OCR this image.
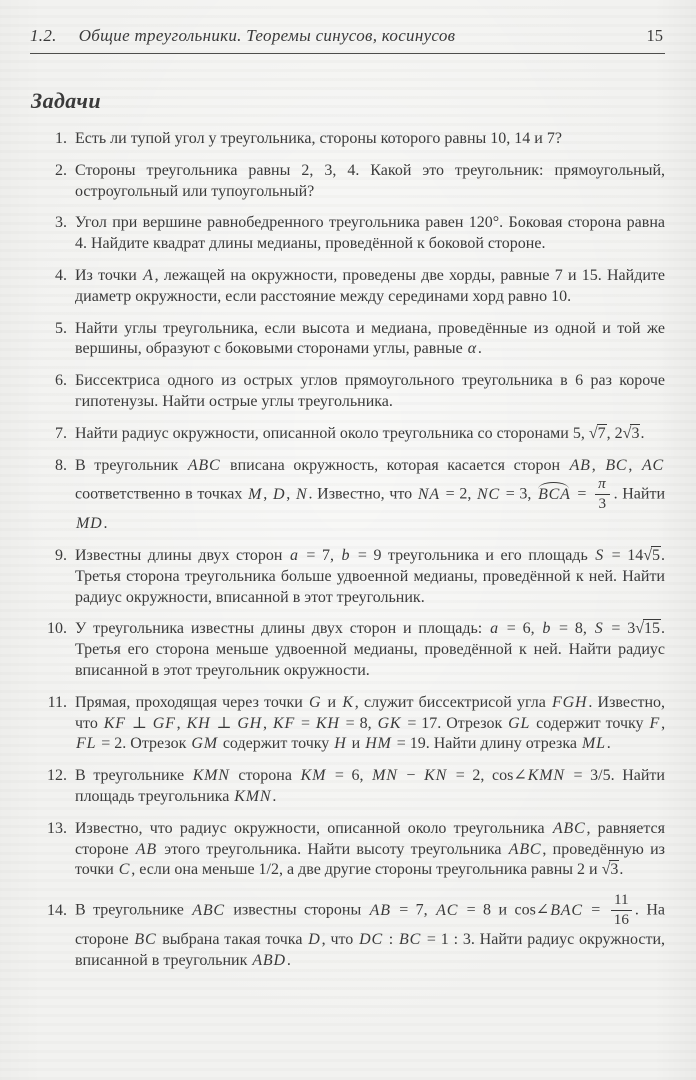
1.2. Общие треугольники. Теоремы синусов, косинусов	15
Задачи
1. Есть ли тупой угол у треугольника, стороны которого равны 10, 14 и 7?
2. Стороны треугольника равны 2, 3, 4. Какой это треугольник: прямоугольный, остроугольный или тупоугольный?
3. Угол при вершине равнобедренного треугольника равен 120°. Боковая сторона равна 4. Найдите квадрат длины медианы, проведённой к боковой стороне.
4. Из точки A, лежащей на окружности, проведены две хорды, равные 7 и 15. Найдите диаметр окружности, если расстояние между серединами хорд равно 10.
5. Найти углы треугольника, если высота и медиана, проведённые из одной и той же вершины, образуют с боковыми сторонами углы, равные α.
6. Биссектриса одного из острых углов прямоугольного треугольника в 6 раз короче гипотенузы. Найти острые углы треугольника.
7. Найти радиус окружности, описанной около треугольника со сторонами 5, √7, 2√3.
8. В треугольник ABC вписана окружность, которая касается сторон AB, BC, AC соответственно в точках M, D, N. Известно, что NA = 2, NC = 3, BCA = $\frac{\pi}{3}$ . Найти MD.
9. Известны длины двух сторон a = 7, b = 9 треугольника и его площадь S = 14√5. Третья сторона треугольника больше удвоенной медианы, проведённой к ней. Найти радиус окружности, вписанной в этот треугольник.
10. У треугольника известны длины двух сторон и площадь: a = 6, b = 8, S = 3√15. Третья его сторона меньше удвоенной медианы, проведённой к ней. Найти радиус вписанной в этот треугольник окружности.
11. Прямая, проходящая через точки G и K, служит биссектрисой угла FGH. Известно, что KF ⊥ GF, KH ⊥ GH, KF = KH = 8, GK = 17. Отрезок GL содержит точку F, FL = 2. Отрезок GM содержит точку H и HM = 19. Найти длину отрезка ML.
12. В треугольнике KMN сторона KM = 6, MN − KN = 2, cos∠KMN = 3/5. Найти площадь треугольника KMN.
13. Известно, что радиус окружности, описанной около треугольника ABC, равняется стороне AB этого треугольника. Найти высоту треугольника ABC, проведённую из точки C, если она меньше 1/2, а две другие стороны треугольника равны 2 и √3.
14. В треугольнике ABC известны стороны AB = 7, AC = 8 и cos∠BAC = $\frac{11}{16}$ . На стороне BC выбрана такая точка D, что DC : BC = 1 : 3. Найти радиус окружности, вписанной в треугольник ABD.
